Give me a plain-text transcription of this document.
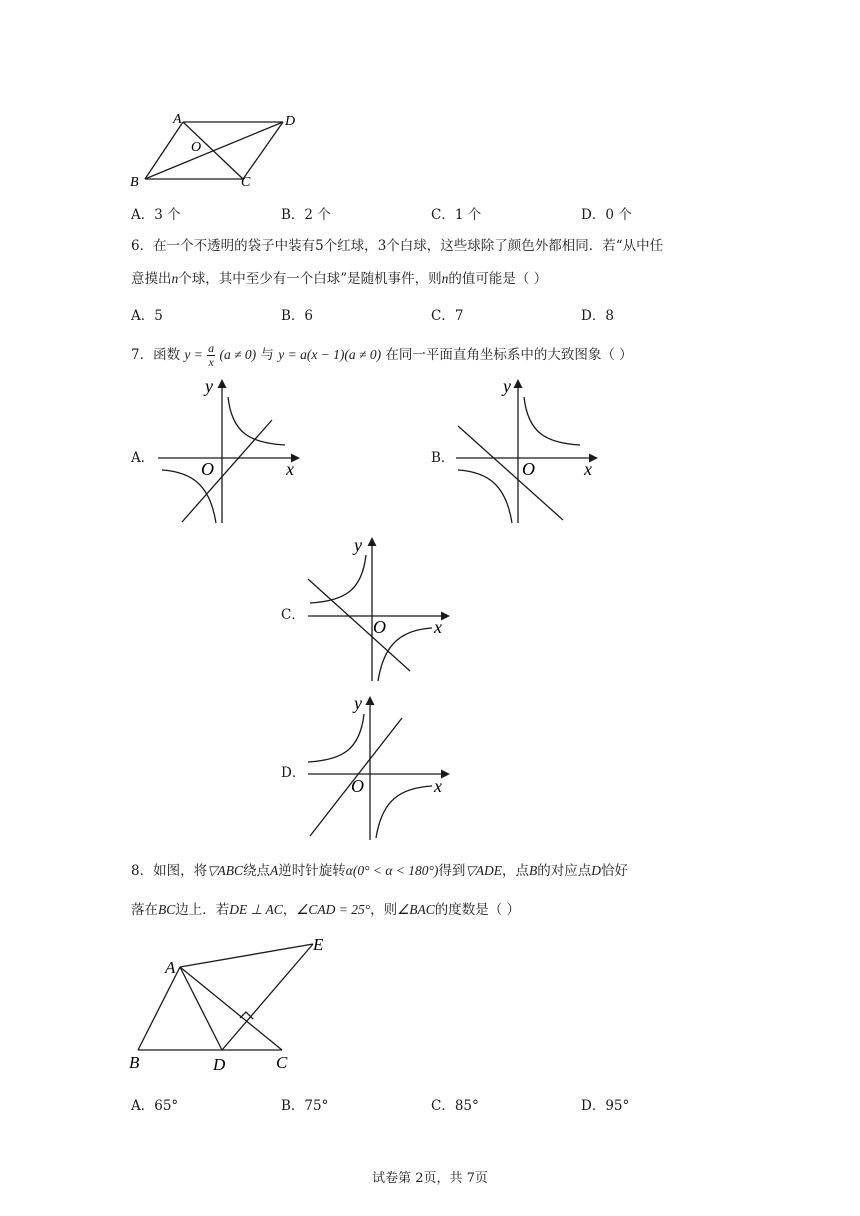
A	D
O
B	C
A．3 个	B．2 个	C．1 个	D．0 个
6．在一个不透明的袋子中装有5个红球，3个白球，这些球除了颜色外都相同．若“从中任
意摸出n个球，其中至少有一个白球”是随机事件，则n的值可能是（ ）
A．5	B．6	C．7	D．8
7．函数 $y = \frac{a}{x} (a \ne 0)$ 与 y = a(x − 1)(a ≠ 0) 在同一平面直角坐标系中的大致图象（ ）
A．
y
O	x
B．
y
O	x
C．
y
O	x
D．
y
O	x
8．如图，将▽ABC绕点A逆时针旋转α(0° < α < 180°)得到▽ADE，点B的对应点D恰好
落在BC边上．若DE ⊥ AC，∠CAD = 25°，则∠BAC的度数是（ ）
A
E
B	D	C
A．65°	B．75°	C．85°	D．95°
试卷第 2页，共 7页
